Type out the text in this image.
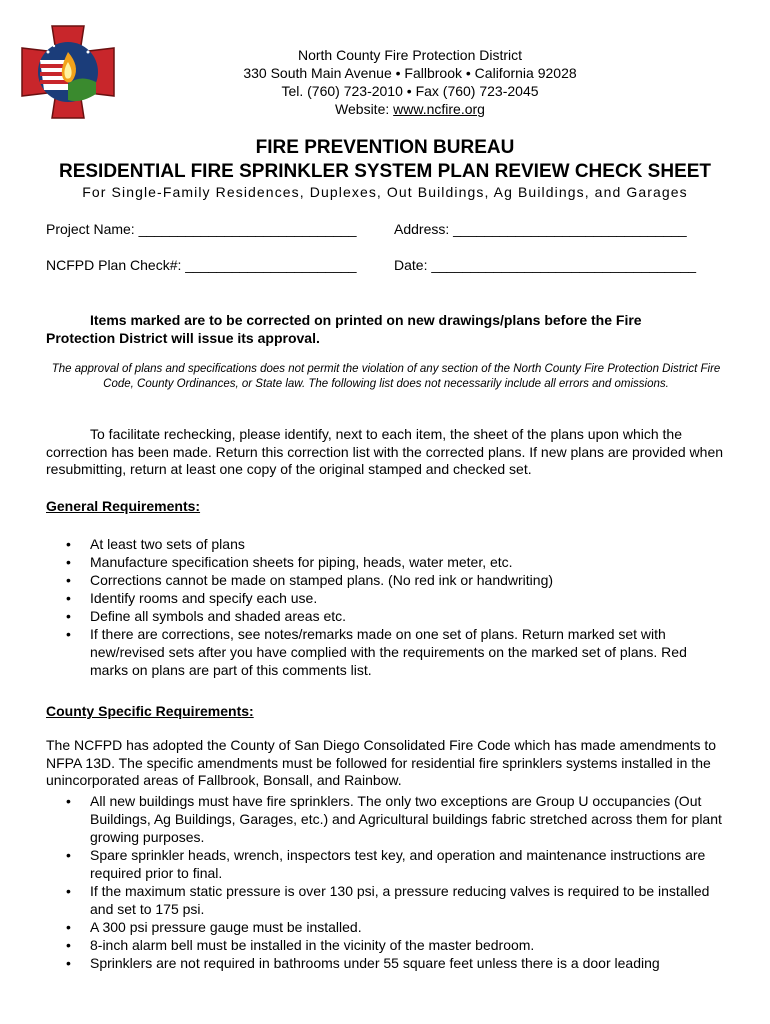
North County Fire Protection District
330 South Main Avenue • Fallbrook • California 92028
Tel. (760) 723-2010 • Fax (760) 723-2045
Website: www.ncfire.org
FIRE PREVENTION BUREAU
RESIDENTIAL FIRE SPRINKLER SYSTEM PLAN REVIEW CHECK SHEET
For Single-Family Residences, Duplexes, Out Buildings, Ag Buildings, and Garages
Project Name: ____________________________	Address: ______________________________
NCFPD Plan Check#: ______________________	Date: __________________________________
Items marked are to be corrected on printed on new drawings/plans before the Fire
Protection District will issue its approval.
The approval of plans and specifications does not permit the violation of any section of the North County Fire Protection District Fire Code, County Ordinances, or State law. The following list does not necessarily include all errors and omissions.
To facilitate rechecking, please identify, next to each item, the sheet of the plans upon which the correction has been made. Return this correction list with the corrected plans. If new plans are provided when resubmitting, return at least one copy of the original stamped and checked set.
General Requirements:
• At least two sets of plans
• Manufacture specification sheets for piping, heads, water meter, etc.
• Corrections cannot be made on stamped plans. (No red ink or handwriting)
• Identify rooms and specify each use.
• Define all symbols and shaded areas etc.
• If there are corrections, see notes/remarks made on one set of plans. Return marked set with new/revised sets after you have complied with the requirements on the marked set of plans. Red marks on plans are part of this comments list.
County Specific Requirements:
The NCFPD has adopted the County of San Diego Consolidated Fire Code which has made amendments to NFPA 13D. The specific amendments must be followed for residential fire sprinklers systems installed in the unincorporated areas of Fallbrook, Bonsall, and Rainbow.
• All new buildings must have fire sprinklers. The only two exceptions are Group U occupancies (Out Buildings, Ag Buildings, Garages, etc.) and Agricultural buildings fabric stretched across them for plant growing purposes.
• Spare sprinkler heads, wrench, inspectors test key, and operation and maintenance instructions are required prior to final.
• If the maximum static pressure is over 130 psi, a pressure reducing valves is required to be installed and set to 175 psi.
• A 300 psi pressure gauge must be installed.
• 8-inch alarm bell must be installed in the vicinity of the master bedroom.
• Sprinklers are not required in bathrooms under 55 square feet unless there is a door leading
